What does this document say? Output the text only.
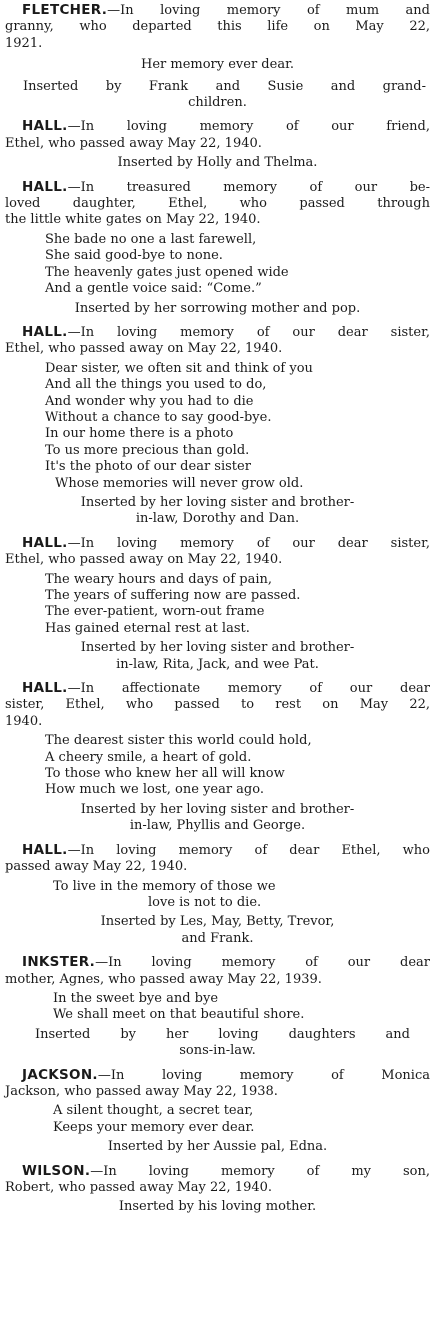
FLETCHER.—In loving memory of mum and

granny, who departed this life on May 22,

1921.

Her memory ever dear.

Inserted by Frank and Susie and grand-

children.

HALL.—In loving memory of our friend,

Ethel, who passed away May 22, 1940.

Inserted by Holly and Thelma.

HALL.—In treasured memory of our be-

loved daughter, Ethel, who passed through

the little white gates on May 22, 1940.

She bade no one a last farewell,
She said good-bye to none.
The heavenly gates just opened wide
And a gentle voice said: “Come.”

Inserted by her sorrowing mother and pop.

HALL.—In loving memory of our dear sister,

Ethel, who passed away on May 22, 1940.

Dear sister, we often sit and think of you
And all the things you used to do,
And wonder why you had to die
Without a chance to say good-bye.
In our home there is a photo
To us more precious than gold.
It's the photo of our dear sister
Whose memories will never grow old.

Inserted by her loving sister and brother-

in-law, Dorothy and Dan.

HALL.—In loving memory of our dear sister,

Ethel, who passed away on May 22, 1940.

The weary hours and days of pain,
The years of suffering now are passed.
The ever-patient, worn-out frame
Has gained eternal rest at last.

Inserted by her loving sister and brother-

in-law, Rita, Jack, and wee Pat.

HALL.—In affectionate memory of our dear

sister, Ethel, who passed to rest on May 22,

1940.

The dearest sister this world could hold,
A cheery smile, a heart of gold.
To those who knew her all will know
How much we lost, one year ago.

Inserted by her loving sister and brother-

in-law, Phyllis and George.

HALL.—In loving memory of dear Ethel, who

passed away May 22, 1940.

To live in the memory of those we
love is not to die.

Inserted by Les, May, Betty, Trevor,

and Frank.

INKSTER.—In loving memory of our dear

mother, Agnes, who passed away May 22, 1939.

In the sweet bye and bye
We shall meet on that beautiful shore.

Inserted by her loving daughters and

sons-in-law.

JACKSON.—In loving memory of Monica

Jackson, who passed away May 22, 1938.

A silent thought, a secret tear,
Keeps your memory ever dear.

Inserted by her Aussie pal, Edna.

WILSON.—In loving memory of my son,

Robert, who passed away May 22, 1940.

Inserted by his loving mother.
